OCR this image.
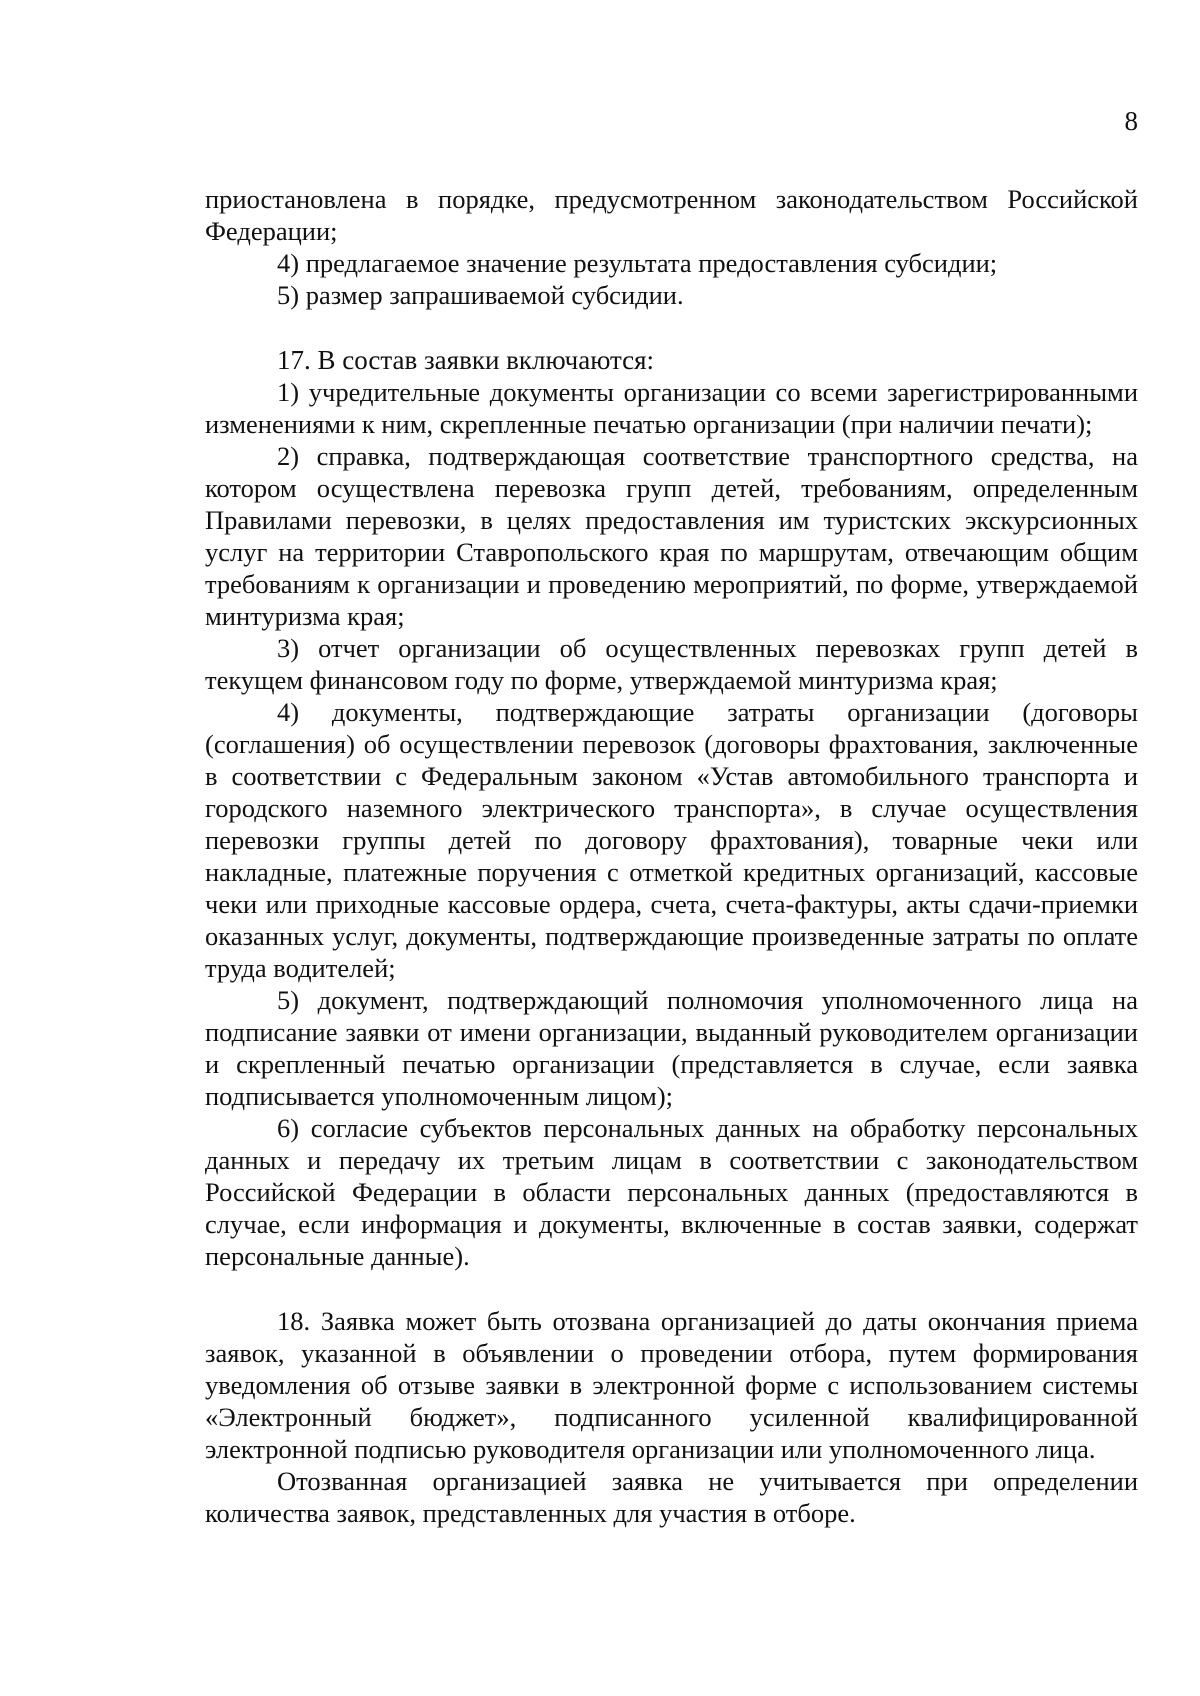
8

приостановлена в порядке, предусмотренном законодательством Российской Федерации;

4) предлагаемое значение результата предоставления субсидии;

5) размер запрашиваемой субсидии.

17. В состав заявки включаются:

1) учредительные документы организации со всеми зарегистрированными изменениями к ним, скрепленные печатью организации (при наличии печати);

2) справка, подтверждающая соответствие транспортного средства, на котором осуществлена перевозка групп детей, требованиям, определенным Правилами перевозки, в целях предоставления им туристских экскурсионных услуг на территории Ставропольского края по маршрутам, отвечающим общим требованиям к организации и проведению мероприятий, по форме, утверждаемой минтуризма края;

3) отчет организации об осуществленных перевозках групп детей в текущем финансовом году по форме, утверждаемой минтуризма края;

4) документы, подтверждающие затраты организации (договоры (соглашения) об осуществлении перевозок (договоры фрахтования, заключенные в соответствии с Федеральным законом «Устав автомобильного транспорта и городского наземного электрического транспорта», в случае осуществления перевозки группы детей по договору фрахтования), товарные чеки или накладные, платежные поручения с отметкой кредитных организаций, кассовые чеки или приходные кассовые ордера, счета, счета-фактуры, акты сдачи-приемки оказанных услуг, документы, подтверждающие произведенные затраты по оплате труда водителей;

5) документ, подтверждающий полномочия уполномоченного лица на подписание заявки от имени организации, выданный руководителем организации и скрепленный печатью организации (представляется в случае, если заявка подписывается уполномоченным лицом);

6) согласие субъектов персональных данных на обработку персональных данных и передачу их третьим лицам в соответствии с законодательством Российской Федерации в области персональных данных (предоставляются в случае, если информация и документы, включенные в состав заявки, содержат персональные данные).

18. Заявка может быть отозвана организацией до даты окончания приема заявок, указанной в объявлении о проведении отбора, путем формирования уведомления об отзыве заявки в электронной форме с использованием системы «Электронный бюджет», подписанного усиленной квалифицированной электронной подписью руководителя организации или уполномоченного лица.

Отозванная организацией заявка не учитывается при определении количества заявок, представленных для участия в отборе.
